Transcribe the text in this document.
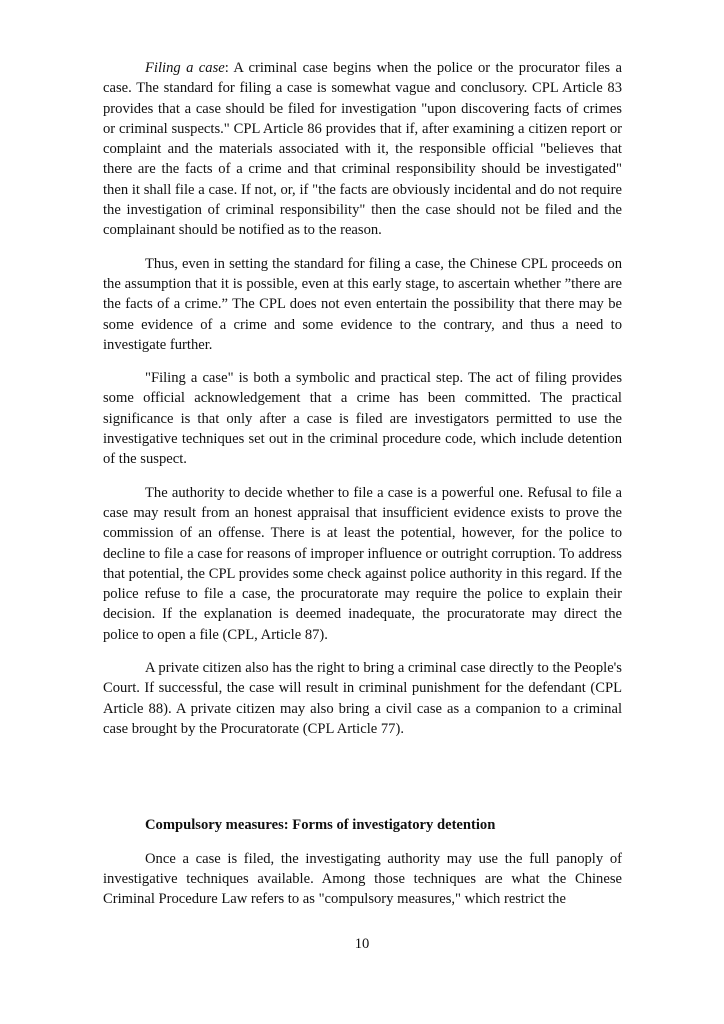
Filing a case: A criminal case begins when the police or the procurator files a case. The standard for filing a case is somewhat vague and conclusory. CPL Article 83 provides that a case should be filed for investigation "upon discovering facts of crimes or criminal suspects." CPL Article 86 provides that if, after examining a citizen report or complaint and the materials associated with it, the responsible official "believes that there are the facts of a crime and that criminal responsibility should be investigated" then it shall file a case. If not, or, if "the facts are obviously incidental and do not require the investigation of criminal responsibility" then the case should not be filed and the complainant should be notified as to the reason.

Thus, even in setting the standard for filing a case, the Chinese CPL proceeds on the assumption that it is possible, even at this early stage, to ascertain whether ”there are the facts of a crime.” The CPL does not even entertain the possibility that there may be some evidence of a crime and some evidence to the contrary, and thus a need to investigate further.

"Filing a case" is both a symbolic and practical step. The act of filing provides some official acknowledgement that a crime has been committed. The practical significance is that only after a case is filed are investigators permitted to use the investigative techniques set out in the criminal procedure code, which include detention of the suspect.

The authority to decide whether to file a case is a powerful one. Refusal to file a case may result from an honest appraisal that insufficient evidence exists to prove the commission of an offense. There is at least the potential, however, for the police to decline to file a case for reasons of improper influence or outright corruption. To address that potential, the CPL provides some check against police authority in this regard. If the police refuse to file a case, the procuratorate may require the police to explain their decision. If the explanation is deemed inadequate, the procuratorate may direct the police to open a file (CPL, Article 87).

A private citizen also has the right to bring a criminal case directly to the People's Court. If successful, the case will result in criminal punishment for the defendant (CPL Article 88). A private citizen may also bring a civil case as a companion to a criminal case brought by the Procuratorate (CPL Article 77).

Compulsory measures: Forms of investigatory detention

Once a case is filed, the investigating authority may use the full panoply of investigative techniques available. Among those techniques are what the Chinese Criminal Procedure Law refers to as "compulsory measures," which restrict the

10
